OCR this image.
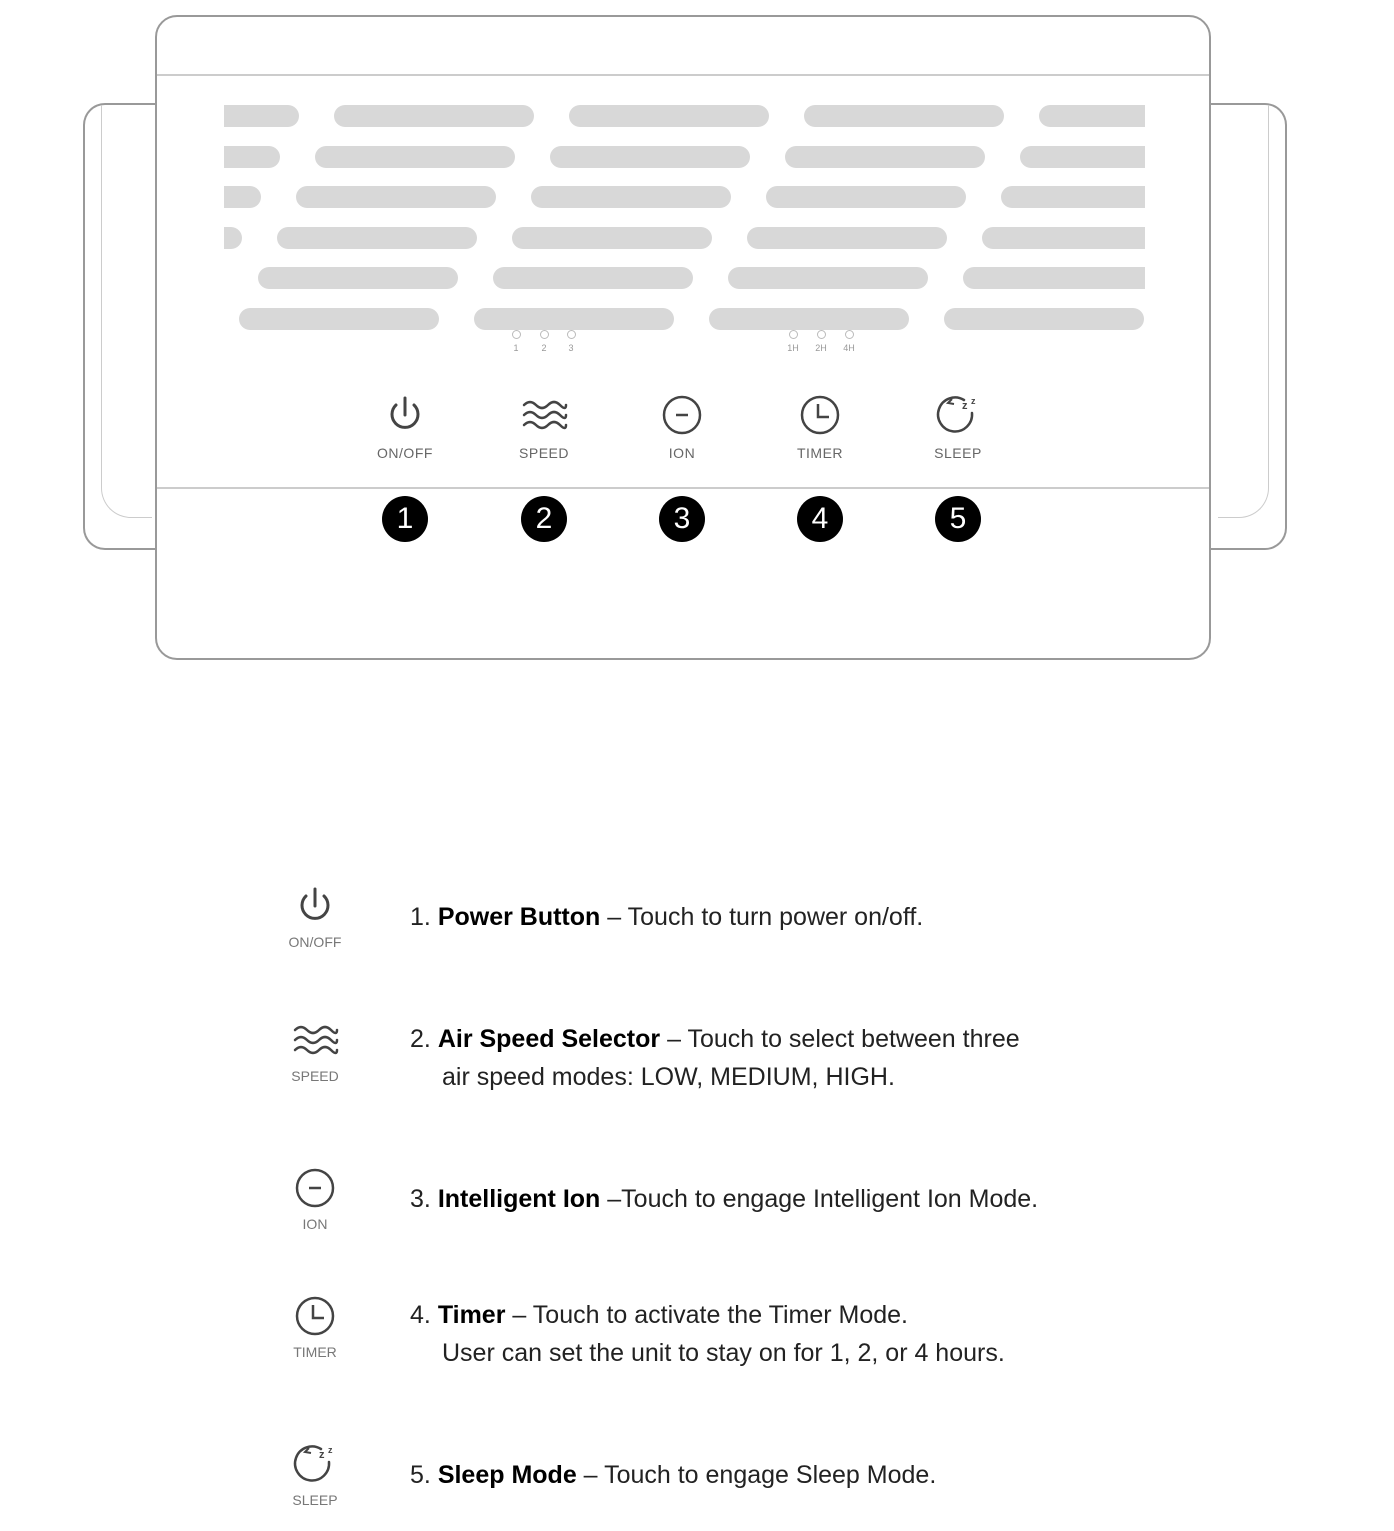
1	2	3	1H	2H	4H
ON/OFF
1
SPEED
2
ION
3
TIMER
4
z z
SLEEP
5
ON/OFF
1. Power Button – Touch to turn power on/off.
SPEED
2. Air Speed Selector – Touch to select between three
air speed modes: LOW, MEDIUM, HIGH.
ION
3. Intelligent Ion –Touch to engage Intelligent Ion Mode.
TIMER
4. Timer – Touch to activate the Timer Mode.
User can set the unit to stay on for 1, 2, or 4 hours.
z z
SLEEP
5. Sleep Mode – Touch to engage Sleep Mode.
